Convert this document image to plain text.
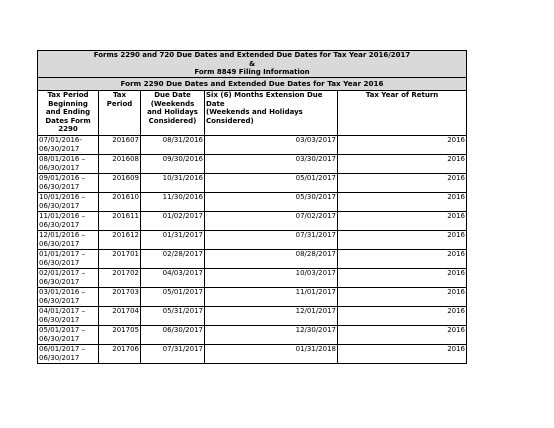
Forms 2290 and 720 Due Dates and Extended Due Dates for Tax Year 2016/2017
&
Form 8849 Filing Information				

Form 2290 Due Dates and Extended Due Dates for Tax Year 2016				

Tax Period
Beginning
and Ending
Dates Form
2290	Tax Period	Due Date
(Weekends
and Holidays
Considered)	Six (6) Months Extension Due Date
(Weekends and Holidays
Considered)	Tax Year of Return

07/01/2016-
06/30/2017	201607	08/31/2016	03/03/2017	2016

08/01/2016 –
06/30/2017	201608	09/30/2016	03/30/2017	2016

09/01/2016 –
06/30/2017	201609	10/31/2016	05/01/2017	2016

10/01/2016 –
06/30/2017	201610	11/30/2016	05/30/2017	2016

11/01/2016 –
06/30/2017	201611	01/02/2017	07/02/2017	2016

12/01/2016 –
06/30/2017	201612	01/31/2017	07/31/2017	2016

01/01/2017 –
06/30/2017	201701	02/28/2017	08/28/2017	2016

02/01/2017 –
06/30/2017	201702	04/03/2017	10/03/2017	2016

03/01/2016 –
06/30/2017	201703	05/01/2017	11/01/2017	2016

04/01/2017 –
06/30/2017	201704	05/31/2017	12/01/2017	2016

05/01/2017 –
06/30/2017	201705	06/30/2017	12/30/2017	2016

06/01/2017 –
06/30/2017	201706	07/31/2017	01/31/2018	2016
